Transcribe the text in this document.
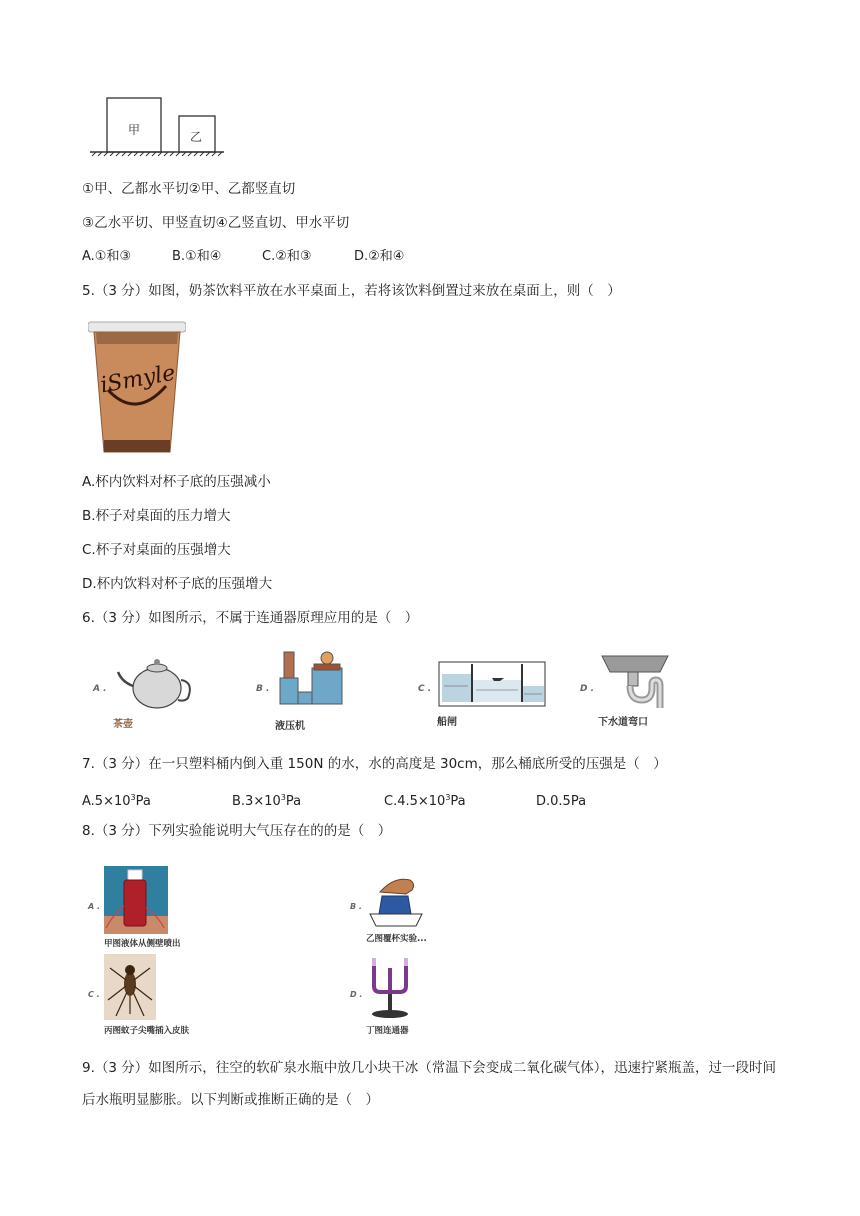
甲	乙
①甲、乙都水平切②甲、乙都竖直切
③乙水平切、甲竖直切④乙竖直切、甲水平切
A.①和③	B.①和④	C.②和③	D.②和④
5.（3 分）如图，奶茶饮料平放在水平桌面上，若将该饮料倒置过来放在桌面上，则（　）
iSmyle
A.杯内饮料对杯子底的压强减小
B.杯子对桌面的压力增大
C.杯子对桌面的压强增大
D.杯内饮料对杯子底的压强增大
6.（3 分）如图所示，不属于连通器原理应用的是（　）
A .
茶壶
B .
液压机
C .
船闸
D .
下水道弯口
7.（3 分）在一只塑料桶内倒入重 150N 的水，水的高度是 30cm，那么桶底所受的压强是（　）
$A.5\times 10^3Pa$	$B.3\times 10^3Pa$	$C.4.5\times 10^3Pa$	D.0.5Pa
8.（3 分）下列实验能说明大气压存在的的是（　）
A .
甲图液体从侧壁喷出
B .
乙图覆杯实验...
C .
丙图蚊子尖嘴插入皮肤
D .
丁图连通器
9.（3 分）如图所示，往空的软矿泉水瓶中放几小块干冰（常温下会变成二氧化碳气体），迅速拧紧瓶盖，过一段时间后水瓶明显膨胀。以下判断或推断正确的是（　）
